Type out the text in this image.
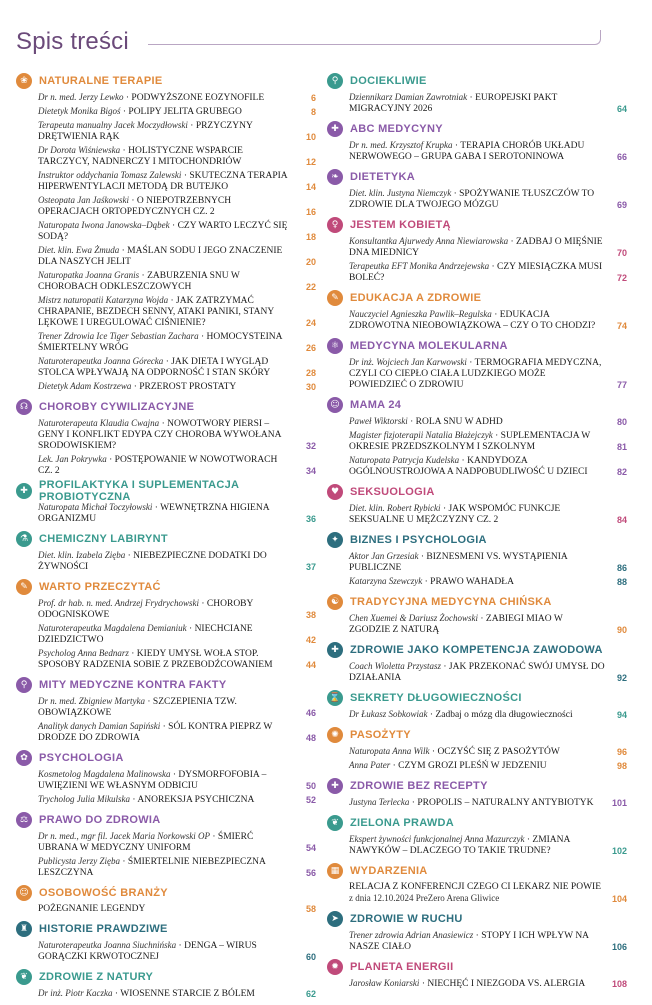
Spis treści
❀	NATURALNE TERAPIE
Dr n. med. Jerzy Lewko · PODWYŻSZONE EOZYNOFILE	6
Dietetyk Monika Bigoś · POLIPY JELITA GRUBEGO	8
Terapeuta manualny Jacek Moczydłowski · PRZYCZYNY DRĘTWIENIA RĄK	10
Dr Dorota Wiśniewska · HOLISTYCZNE WSPARCIE TARCZYCY, NADNERCZY I MITOCHONDRIÓW	12
Instruktor oddychania Tomasz Zalewski · SKUTECZNA TERAPIA HIPERWENTYLACJI METODĄ DR BUTEJKO	14
Osteopata Jan Jaśkowski · O NIEPOTRZEBNYCH OPERACJACH ORTOPEDYCZNYCH CZ. 2	16
Naturopata Iwona Janowska–Dąbek · CZY WARTO LECZYĆ SIĘ SODĄ?	18
Diet. klin. Ewa Żmuda · MAŚLAN SODU I JEGO ZNACZENIE DLA NASZYCH JELIT	20
Naturopatka Joanna Granis · ZABURZENIA SNU W CHOROBACH ODKLESZCZOWYCH	22
Mistrz naturopatii Katarzyna Wojda · JAK ZATRZYMAĆ CHRAPANIE, BEZDECH SENNY, ATAKI PANIKI, STANY LĘKOWE I UREGULOWAĆ CIŚNIENIE?	24
Trener Zdrowia Ice Tiger Sebastian Zachara · HOMOCYSTEINA ŚMIERTELNY WRÓG	26
Naturoterapeutka Joanna Górecka · JAK DIETA I WYGLĄD STOLCA WPŁYWAJĄ NA ODPORNOŚĆ I STAN SKÓRY	28
Dietetyk Adam Kostrzewa · PRZEROST PROSTATY	30
☊	CHOROBY CYWILIZACYJNE
Naturoterapeuta Klaudia Cwajna · NOWOTWORY PIERSI – GENY I KONFLIKT EDYPA CZY CHOROBA WYWOŁANA SRODOWISKIEM?	32
Lek. Jan Pokrywka · POSTĘPOWANIE W NOWOTWORACH CZ. 2	34
✚	PROFILAKTYKA I SUPLEMENTACJA PROBIOTYCZNA
Naturopata Michał Toczyłowski · WEWNĘTRZNA HIGIENA ORGANIZMU	36
⚗ CHEMICZNY LABIRYNT
Diet. klin. Izabela Zięba · NIEBEZPIECZNE DODATKI DO ŻYWNOŚCI	37
✎	WARTO PRZECZYTAĆ
Prof. dr hab. n. med. Andrzej Frydrychowski · CHOROBY ODOGNISKOWE	38
Naturoterapeutka Magdalena Demianiuk · NIECHCIANE DZIEDZICTWO	42
Psycholog Anna Bednarz · KIEDY UMYSŁ WOŁA STOP. SPOSOBY RADZENIA SOBIE Z PRZEBODŹCOWANIEM	44
⚲	MITY MEDYCZNE KONTRA FAKTY
Dr n. med. Zbigniew Martyka · SZCZEPIENIA TZW. OBOWIĄZKOWE	46
Analityk danych Damian Sapiński · SÓL KONTRA PIEPRZ W DRODZE DO ZDROWIA	48
✿	PSYCHOLOGIA
Kosmetolog Magdalena Malinowska · DYSMORFOFOBIA – UWIĘZIENI WE WŁASNYM ODBICIU	50
Trycholog Julia Mikulska · ANOREKSJA PSYCHICZNA	52
⚖ PRAWO DO ZDROWIA
Dr n. med., mgr fil. Jacek Maria Norkowski OP · ŚMIERĆ UBRANA W MEDYCZNY UNIFORM	54
Publicysta Jerzy Zięba · ŚMIERTELNIE NIEBEZPIECZNA LESZCZYNA	56
☺ OSOBOWOŚĆ BRANŻY
POŻEGNANIE LEGENDY	58
♜ HISTORIE PRAWDZIWE
Naturoterapeutka Joanna Siuchnińska · DENGA – WIRUS GORĄCZKI KRWOTOCZNEJ	60
❦	ZDROWIE Z NATURY
Dr inż. Piotr Kaczka · WIOSENNE STARCIE Z BÓLEM	62
⚲	DOCIEKLIWIE
Dziennikarz Damian Zawrotniak · EUROPEJSKI PAKT MIGRACYJNY 2026	64
✚	ABC MEDYCYNY
Dr n. med. Krzysztof Krupka · TERAPIA CHORÓB UKŁADU NERWOWEGO – GRUPA GABA I SEROTONINOWA	66
❧	DIETETYKA
Diet. klin. Justyna Niemczyk · SPOŻYWANIE TŁUSZCZÓW TO ZDROWIE DLA TWOJEGO MÓZGU	69
♀	JESTEM KOBIETĄ
Konsultantka Ajurwedy Anna Niewiarowska · ZADBAJ O MIĘŚNIE DNA MIEDNICY	70
Terapeutka EFT Monika Andrzejewska · CZY MIESIĄCZKA MUSI BOLEĆ?	72
✎	EDUKACJA A ZDROWIE
Nauczyciel Agnieszka Pawlik–Regulska · EDUKACJA ZDROWOTNA NIEOBOWIĄZKOWA – CZY O TO CHODZI?	74
⚛ MEDYCYNA MOLEKULARNA
Dr inż. Wojciech Jan Karwowski · TERMOGRAFIA MEDYCZNA, CZYLI CO CIEPŁO CIAŁA LUDZKIEGO MOŻE POWIEDZIEĆ O ZDROWIU	77
☺ MAMA 24
Paweł Wiktorski · ROLA SNU W ADHD	80
Magister fizjoterapii Natalia Błażejczyk · SUPLEMENTACJA W OKRESIE PRZEDSZKOLNYM I SZKOLNYM	81
Naturopata Patrycja Kudelska · KANDYDOZA OGÓLNOUSTROJOWA A NADPOBUDLIWOŚĆ U DZIECI	82
♥ SEKSUOLOGIA
Diet. klin. Robert Rybicki · JAK WSPOMÓC FUNKCJE SEKSUALNE U MĘŻCZYZNY CZ. 2	84
✦	BIZNES I PSYCHOLOGIA
Aktor Jan Grzesiak · BIZNESMENI VS. WYSTĄPIENIA PUBLICZNE	86
Katarzyna Szewczyk · PRAWO WAHADŁA	88
☯ TRADYCYJNA MEDYCYNA CHIŃSKA
Chen Xuemei & Dariusz Żochowski · ZABIEGI MIAO W ZGODZIE Z NATURĄ	90
✚	ZDROWIE JAKO KOMPETENCJA ZAWODOWA
Coach Wioletta Przystasz · JAK PRZEKONAĆ SWÓJ UMYSŁ DO DZIAŁANIA	92
⌛ SEKRETY DŁUGOWIECZNOŚCI
Dr Łukasz Sobkowiak · Zadbaj o mózg dla długowieczności	94
✺	PASOŻYTY
Naturopata Anna Wilk · OCZYŚĆ SIĘ Z PASOŻYTÓW	96
Anna Pater · CZYM GROZI PLEŚŃ W JEDZENIU	98
✚	ZDROWIE BEZ RECEPTY
Justyna Terlecka · PROPOLIS – NATURALNY ANTYBIOTYK	101
❦	ZIELONA PRAWDA
Ekspert żywności funkcjonalnej Anna Mazurczyk · ZMIANA NAWYKÓW – DLACZEGO TO TAKIE TRUDNE?	102
▦ WYDARZENIA
RELACJA Z KONFERENCJI CZEGO CI LEKARZ NIE POWIE
z dnia 12.10.2024 PreZero Arena Gliwice	104
➤	ZDROWIE W RUCHU
Trener zdrowia Adrian Anasiewicz · STOPY I ICH WPŁYW NA NASZE CIAŁO	106
✹	PLANETA ENERGII
Jarosław Koniarski · NIECHĘĆ I NIEZGODA VS. ALERGIA	108
